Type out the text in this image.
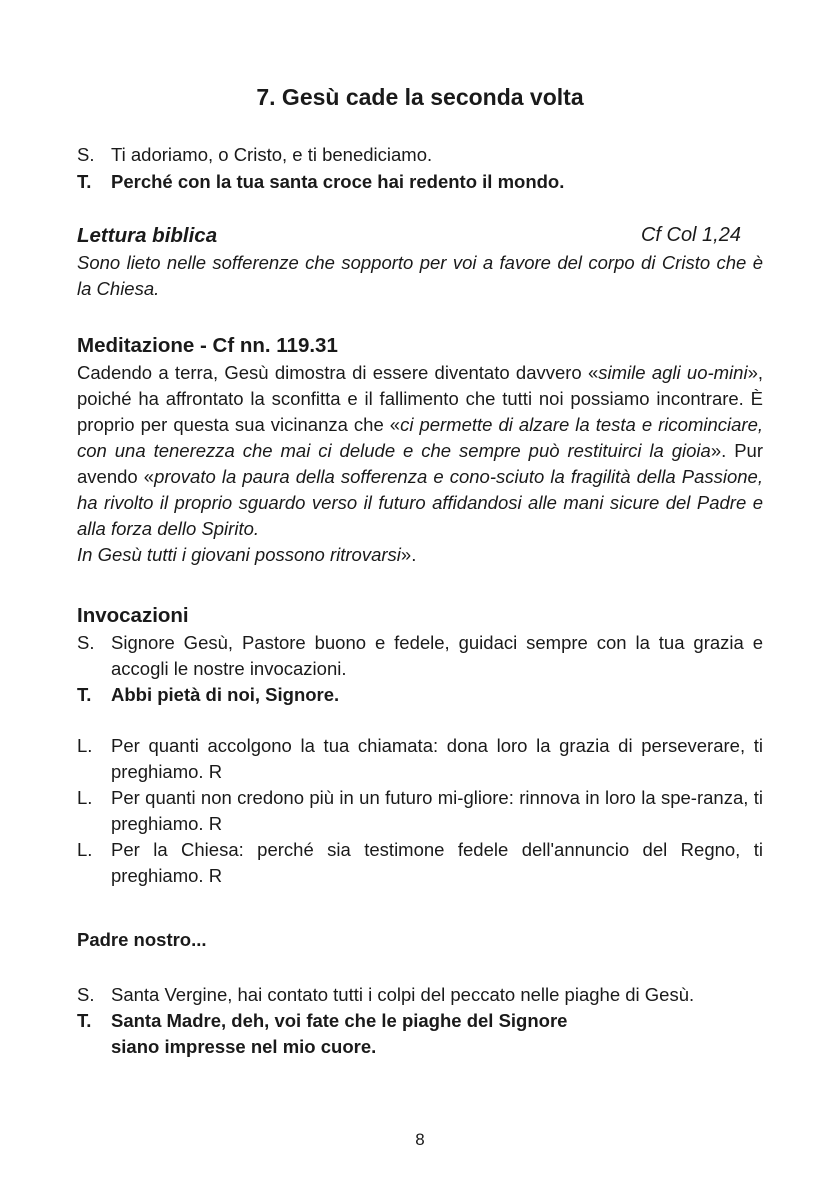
7. Gesù cade la seconda volta
S. Ti adoriamo, o Cristo, e ti benediciamo.
T. Perché con la tua santa croce hai redento il mondo.
Lettura biblica	Cf Col 1,24
Sono lieto nelle sofferenze che sopporto per voi a favore del corpo di Cristo che è la Chiesa.
Meditazione - Cf nn. 119.31
Cadendo a terra, Gesù dimostra di essere diventato davvero «simile agli uo-mini», poiché ha affrontato la sconfitta e il fallimento che tutti noi possiamo incontrare. È proprio per questa sua vicinanza che «ci permette di alzare la testa e ricominciare, con una tenerezza che mai ci delude e che sempre può restituirci la gioia». Pur avendo «provato la paura della sofferenza e cono-sciuto la fragilità della Passione, ha rivolto il proprio sguardo verso il futuro affidandosi alle mani sicure del Padre e alla forza dello Spirito.
In Gesù tutti i giovani possono ritrovarsi».
Invocazioni
S. Signore Gesù, Pastore buono e fedele, guidaci sempre con la tua grazia e accogli le nostre invocazioni.
T. Abbi pietà di noi, Signore.
L. Per quanti accolgono la tua chiamata: dona loro la grazia di perseverare, ti preghiamo. R
L. Per quanti non credono più in un futuro mi-gliore: rinnova in loro la spe-ranza, ti preghiamo. R
L. Per la Chiesa: perché sia testimone fedele dell'annuncio del Regno, ti preghiamo. R
Padre nostro...
S. Santa Vergine, hai contato tutti i colpi del peccato nelle piaghe di Gesù.
T. Santa Madre, deh, voi fate che le piaghe del Signore
siano impresse nel mio cuore.
8
